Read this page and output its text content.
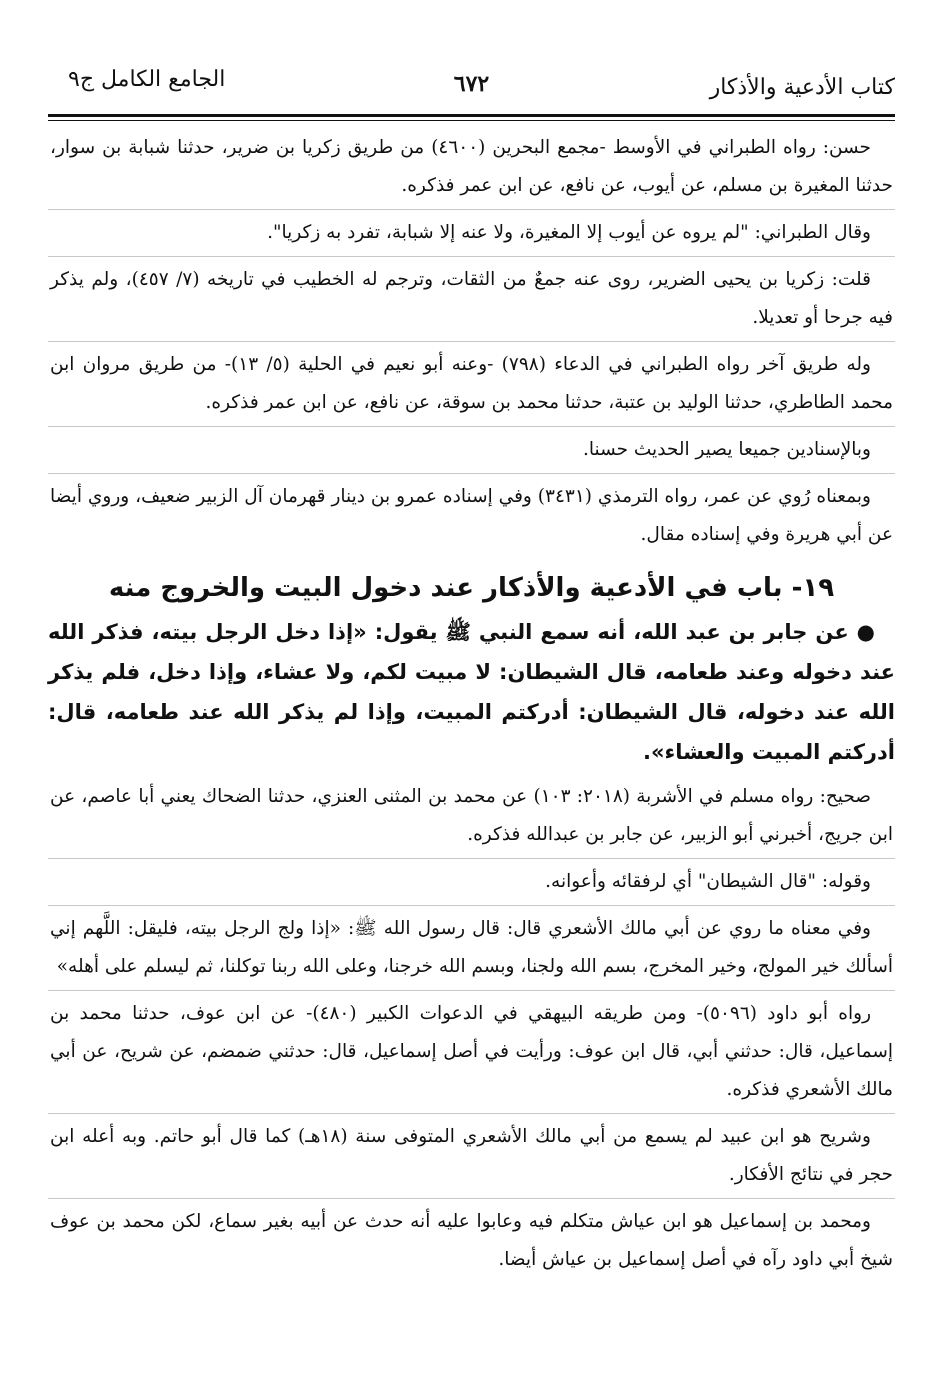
كتاب الأدعية والأذكار
٦٧٢
الجامع الكامل ج٩

حسن: رواه الطبراني في الأوسط -مجمع البحرين (٤٦٠٠) من طريق زكريا بن ضرير، حدثنا شبابة بن سوار، حدثنا المغيرة بن مسلم، عن أيوب، عن نافع، عن ابن عمر فذكره.

وقال الطبراني: "لم يروه عن أيوب إلا المغيرة، ولا عنه إلا شبابة، تفرد به زكريا".

قلت: زكريا بن يحيى الضرير، روى عنه جمعٌ من الثقات، وترجم له الخطيب في تاريخه (٧/ ٤٥٧)، ولم يذكر فيه جرحا أو تعديلا.

وله طريق آخر رواه الطبراني في الدعاء (٧٩٨) -وعنه أبو نعيم في الحلية (٥/ ١٣)- من طريق مروان ابن محمد الطاطري، حدثنا الوليد بن عتبة، حدثنا محمد بن سوقة، عن نافع، عن ابن عمر فذكره.

وبالإسنادين جميعا يصير الحديث حسنا.

وبمعناه رُوي عن عمر، رواه الترمذي (٣٤٣١) وفي إسناده عمرو بن دينار قهرمان آل الزبير ضعيف، وروي أيضا عن أبي هريرة وفي إسناده مقال.

١٩- باب في الأدعية والأذكار عند دخول البيت والخروج منه

●عن جابر بن عبد الله، أنه سمع النبي ﷺ يقول: «إذا دخل الرجل بيته، فذكر الله عند دخوله وعند طعامه، قال الشيطان: لا مبيت لكم، ولا عشاء، وإذا دخل، فلم يذكر الله عند دخوله، قال الشيطان: أدركتم المبيت، وإذا لم يذكر الله عند طعامه، قال: أدركتم المبيت والعشاء».

صحيح: رواه مسلم في الأشربة (٢٠١٨: ١٠٣) عن محمد بن المثنى العنزي، حدثنا الضحاك يعني أبا عاصم، عن ابن جريج، أخبرني أبو الزبير، عن جابر بن عبدالله فذكره.

وقوله: "قال الشيطان" أي لرفقائه وأعوانه.

وفي معناه ما روي عن أبي مالك الأشعري قال: قال رسول الله ﷺ: «إذا ولج الرجل بيته، فليقل: اللَّهم إني أسألك خير المولج، وخير المخرج، بسم الله ولجنا، وبسم الله خرجنا، وعلى الله ربنا توكلنا، ثم ليسلم على أهله»

رواه أبو داود (٥٠٩٦)- ومن طريقه البيهقي في الدعوات الكبير (٤٨٠)- عن ابن عوف، حدثنا محمد بن إسماعيل، قال: حدثني أبي، قال ابن عوف: ورأيت في أصل إسماعيل، قال: حدثني ضمضم، عن شريح، عن أبي مالك الأشعري فذكره.

وشريح هو ابن عبيد لم يسمع من أبي مالك الأشعري المتوفى سنة (١٨هـ) كما قال أبو حاتم. وبه أعله ابن حجر في نتائج الأفكار.

ومحمد بن إسماعيل هو ابن عياش متكلم فيه وعابوا عليه أنه حدث عن أبيه بغير سماع، لكن محمد بن عوف شيخ أبي داود رآه في أصل إسماعيل بن عياش أيضا.
